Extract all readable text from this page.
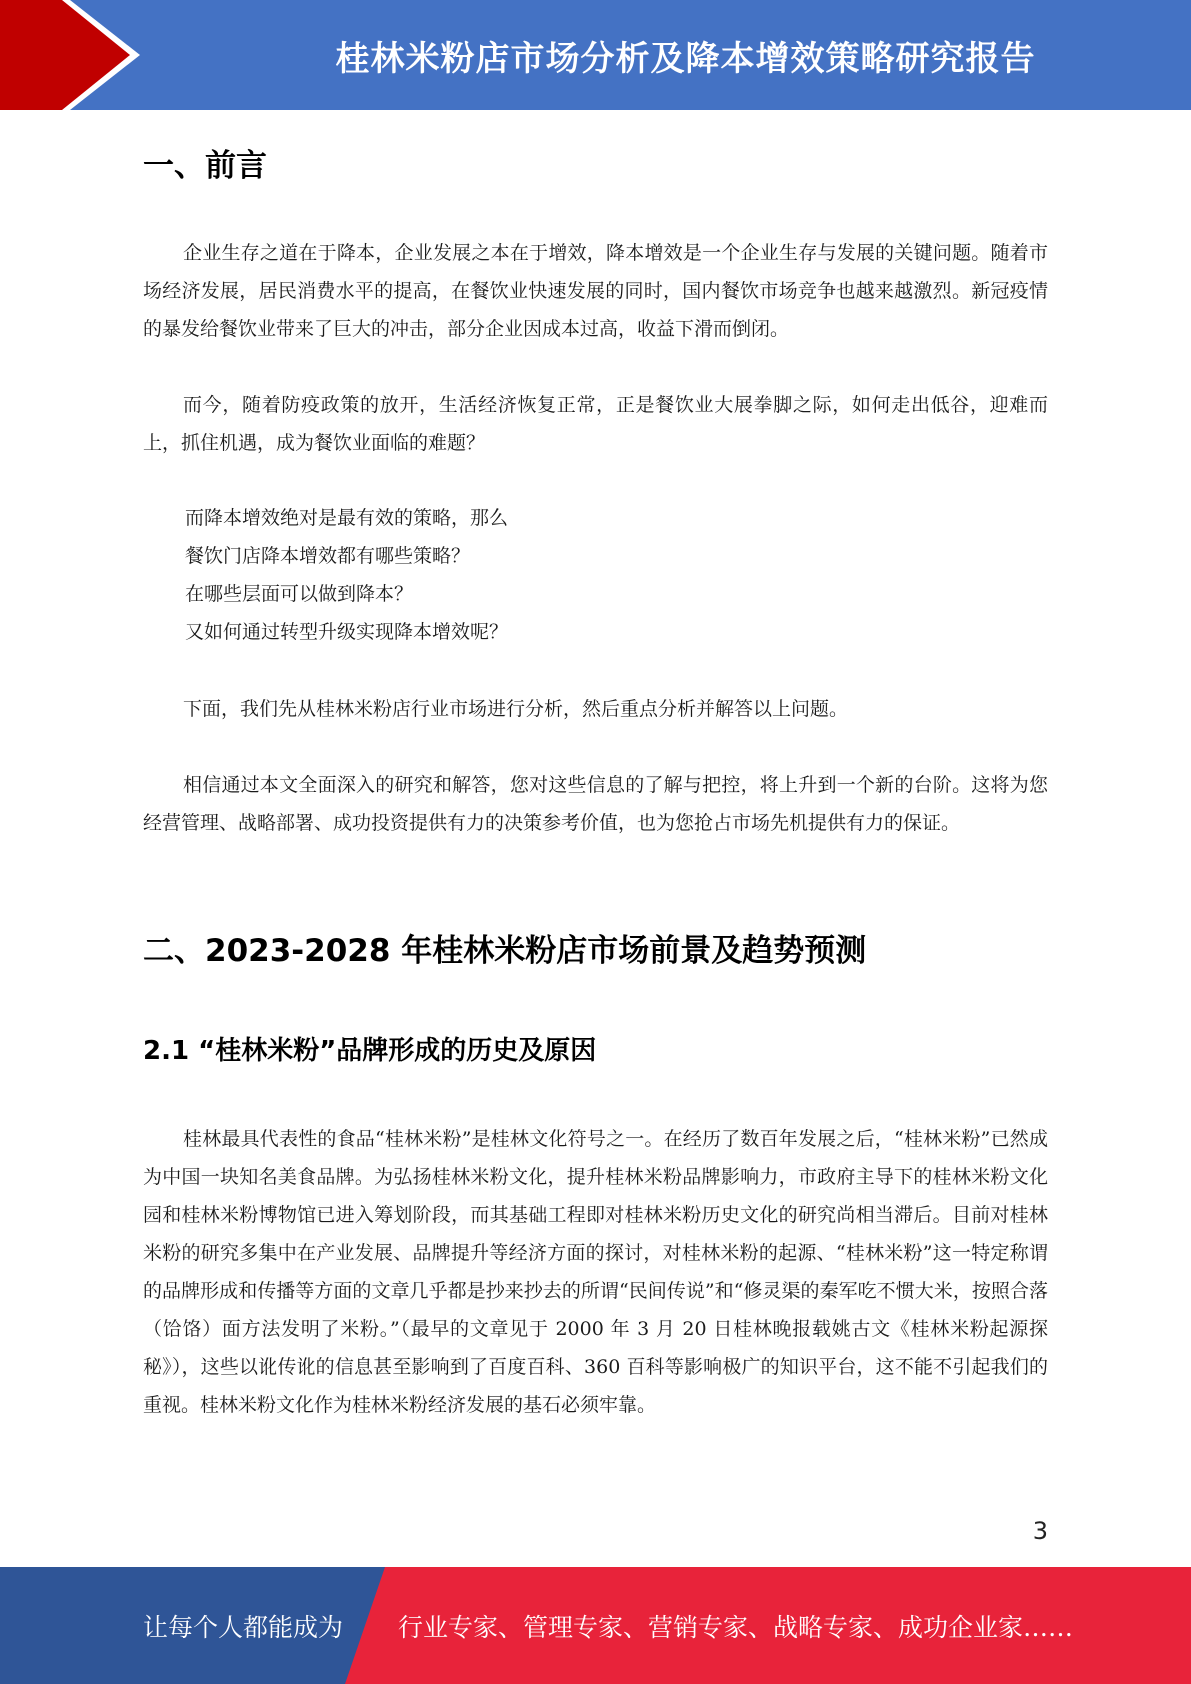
桂林米粉店市场分析及降本增效策略研究报告
一、前言

企业生存之道在于降本，企业发展之本在于增效，降本增效是一个企业生存与发展的关键问题。随着市场经济发展，居民消费水平的提高，在餐饮业快速发展的同时，国内餐饮市场竞争也越来越激烈。新冠疫情的暴发给餐饮业带来了巨大的冲击，部分企业因成本过高，收益下滑而倒闭。

而今，随着防疫政策的放开，生活经济恢复正常，正是餐饮业大展拳脚之际，如何走出低谷，迎难而上，抓住机遇，成为餐饮业面临的难题？

而降本增效绝对是最有效的策略，那么

餐饮门店降本增效都有哪些策略？

在哪些层面可以做到降本？

又如何通过转型升级实现降本增效呢？

下面，我们先从桂林米粉店行业市场进行分析，然后重点分析并解答以上问题。

相信通过本文全面深入的研究和解答，您对这些信息的了解与把控，将上升到一个新的台阶。这将为您经营管理、战略部署、成功投资提供有力的决策参考价值，也为您抢占市场先机提供有力的保证。

二、2023-2028 年桂林米粉店市场前景及趋势预测
2.1 “桂林米粉”品牌形成的历史及原因

桂林最具代表性的食品“桂林米粉”是桂林文化符号之一。在经历了数百年发展之后，“桂林米粉”已然成为中国一块知名美食品牌。为弘扬桂林米粉文化，提升桂林米粉品牌影响力，市政府主导下的桂林米粉文化园和桂林米粉博物馆已进入筹划阶段，而其基础工程即对桂林米粉历史文化的研究尚相当滞后。目前对桂林米粉的研究多集中在产业发展、品牌提升等经济方面的探讨，对桂林米粉的起源、“桂林米粉”这一特定称谓的品牌形成和传播等方面的文章几乎都是抄来抄去的所谓“民间传说”和“修灵渠的秦军吃不惯大米，按照合落（饸饹）面方法发明了米粉。”（最早的文章见于 2000 年 3 月 20 日桂林晚报载姚古文《桂林米粉起源探秘》），这些以讹传讹的信息甚至影响到了百度百科、360 百科等影响极广的知识平台，这不能不引起我们的重视。桂林米粉文化作为桂林米粉经济发展的基石必须牢靠。

3
让每个人都能成为 行业专家、管理专家、营销专家、战略专家、成功企业家……
